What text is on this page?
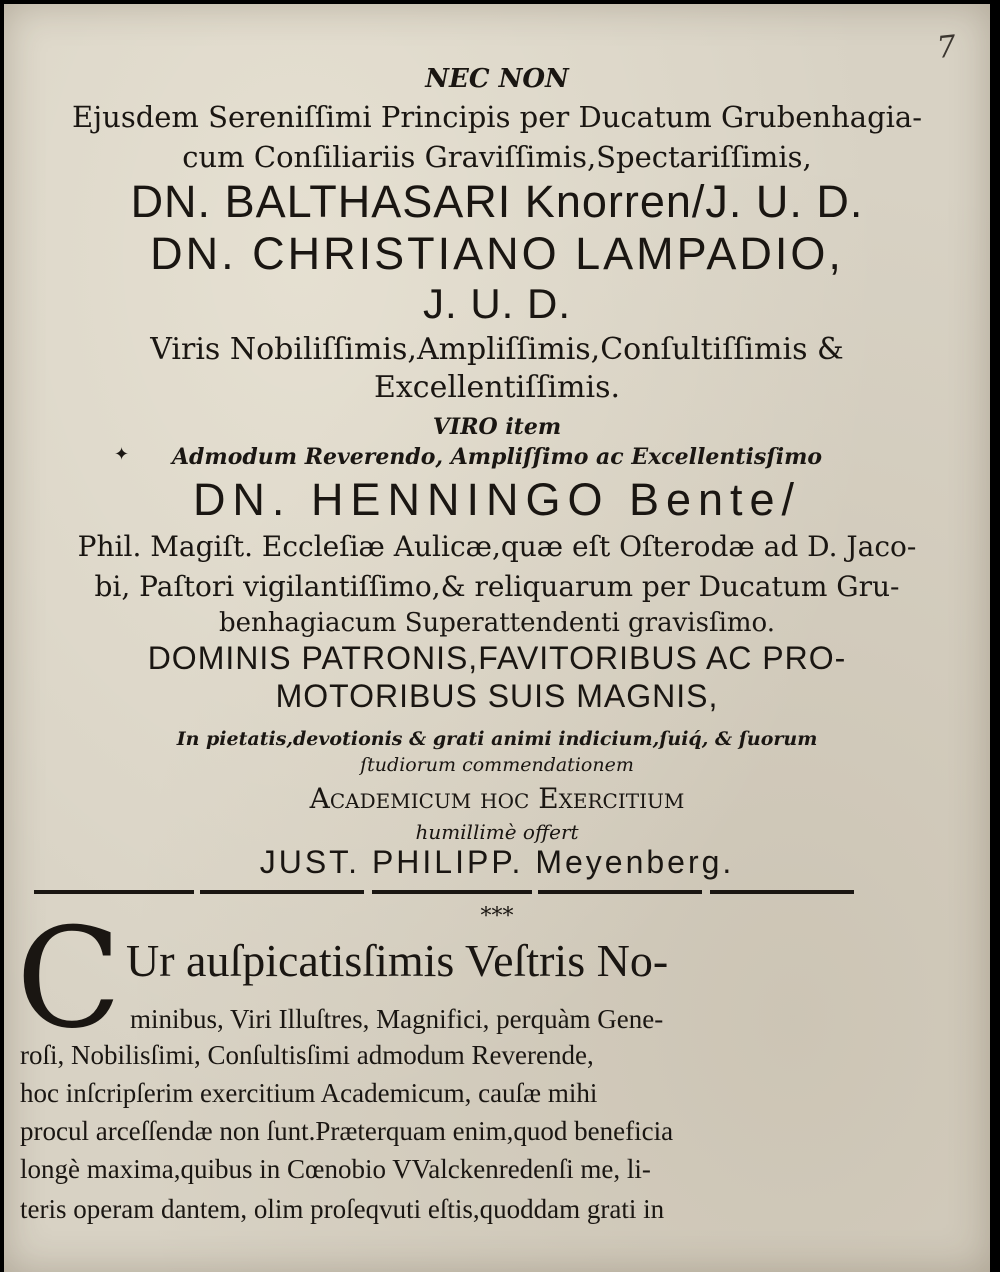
7
NEC NON
Ejusdem Sereniſſimi Principis per Ducatum Grubenhagia-
cum Conſiliariis Graviſſimis,Spectariſſimis,
DN. BALTHASARI Knorren/J. U. D.
DN. CHRISTIANO LAMPADIO,
J. U. D.
Viris Nobiliſſimis,Ampliſſimis,Conſultiſſimis &
Excellentiſſimis.
VIRO item
✦	Admodum Reverendo, Ampliſſimo ac Excellentisſimo
DN. HENNINGO Bente/
Phil. Magiſt. Eccleſiæ Aulicæ,quæ eſt Oſterodæ ad D. Jaco-
bi, Paſtori vigilantiſſimo,& reliquarum per Ducatum Gru-
benhagiacum Superattendenti gravisſimo.
DOMINIS PATRONIS,FAVITORIBUS AC PRO-
MOTORIBUS SUIS MAGNIS,
In pietatis,devotionis & grati animi indicium,ſuiq́, & ſuorum
ſtudiorum commendationem
Academicum hoc Exercitium
humillimè offert
JUST. PHILIPP. Meyenberg.
***
C Ur auſpicatisſimis Veſtris No-
minibus, Viri Illuſtres, Magnifici, perquàm Gene-
roſi, Nobilisſimi, Conſultisſimi admodum Reverende,
hoc inſcripſerim exercitium Academicum, cauſæ mihi
procul arceſſendæ non ſunt.Præterquam enim,quod beneficia
longè maxima,quibus in Cœnobio VValckenredenſi me, li-
teris operam dantem, olim proſeqvuti eſtis,quoddam grati in
